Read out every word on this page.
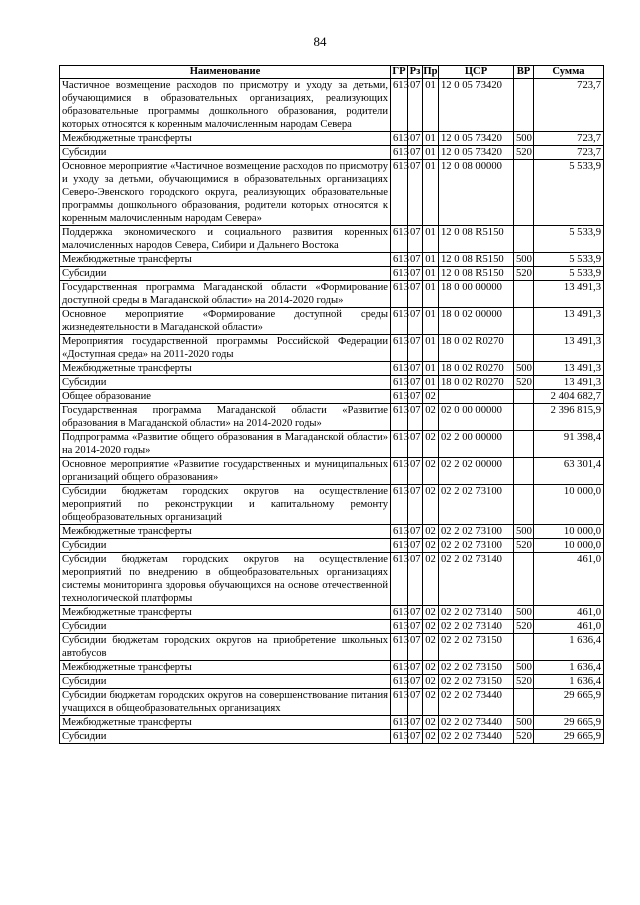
84
Наименование	ГР	Рз	Пр	ЦСР	ВР	Сумма
Частичное возмещение расходов по присмотру и уходу за детьми, обучающимися в образовательных организациях, реализующих образовательные программы дошкольного образования, родители которых относятся к коренным малочисленным народам Севера	613	07	01	12 0 05 73420		723,7
Межбюджетные трансферты	613	07	01	12 0 05 73420	500	723,7
Субсидии	613	07	01	12 0 05 73420	520	723,7
Основное мероприятие «Частичное возмещение расходов по присмотру и уходу за детьми, обучающимися в образовательных организациях Северо-Эвенского городского округа, реализующих образовательные программы дошкольного образования, родители которых относятся к коренным малочисленным народам Севера»	613	07	01	12 0 08 00000		5 533,9
Поддержка экономического и социального развития коренных малочисленных народов Севера, Сибири и Дальнего Востока	613	07	01	12 0 08 R5150		5 533,9
Межбюджетные трансферты	613	07	01	12 0 08 R5150	500	5 533,9
Субсидии	613	07	01	12 0 08 R5150	520	5 533,9
Государственная программа Магаданской области «Формирование доступной среды в Магаданской области» на 2014-2020 годы»	613	07	01	18 0 00 00000		13 491,3
Основное мероприятие «Формирование доступной среды жизнедеятельности в Магаданской области»	613	07	01	18 0 02 00000		13 491,3
Мероприятия государственной программы Российской Федерации «Доступная среда» на 2011-2020 годы	613	07	01	18 0 02 R0270		13 491,3
Межбюджетные трансферты	613	07	01	18 0 02 R0270	500	13 491,3
Субсидии	613	07	01	18 0 02 R0270	520	13 491,3
Общее образование	613	07	02			2 404 682,7
Государственная программа Магаданской области «Развитие образования в Магаданской области» на 2014-2020 годы»	613	07	02	02 0 00 00000		2 396 815,9
Подпрограмма «Развитие общего образования в Магаданской области» на 2014-2020 годы»	613	07	02	02 2 00 00000		91 398,4
Основное мероприятие «Развитие государственных и муниципальных организаций общего образования»	613	07	02	02 2 02 00000		63 301,4
Субсидии бюджетам городских округов на осуществление мероприятий по реконструкции и капитальному ремонту общеобразовательных организаций	613	07	02	02 2 02 73100		10 000,0
Межбюджетные трансферты	613	07	02	02 2 02 73100	500	10 000,0
Субсидии	613	07	02	02 2 02 73100	520	10 000,0
Субсидии бюджетам городских округов на осуществление мероприятий по внедрению в общеобразовательных организациях системы мониторинга здоровья обучающихся на основе отечественной технологической платформы	613	07	02	02 2 02 73140		461,0
Межбюджетные трансферты	613	07	02	02 2 02 73140	500	461,0
Субсидии	613	07	02	02 2 02 73140	520	461,0
Субсидии бюджетам городских округов на приобретение школьных автобусов	613	07	02	02 2 02 73150		1 636,4
Межбюджетные трансферты	613	07	02	02 2 02 73150	500	1 636,4
Субсидии	613	07	02	02 2 02 73150	520	1 636,4
Субсидии бюджетам городских округов на совершенствование питания учащихся в общеобразовательных организациях	613	07	02	02 2 02 73440		29 665,9
Межбюджетные трансферты	613	07	02	02 2 02 73440	500	29 665,9
Субсидии	613	07	02	02 2 02 73440	520	29 665,9
